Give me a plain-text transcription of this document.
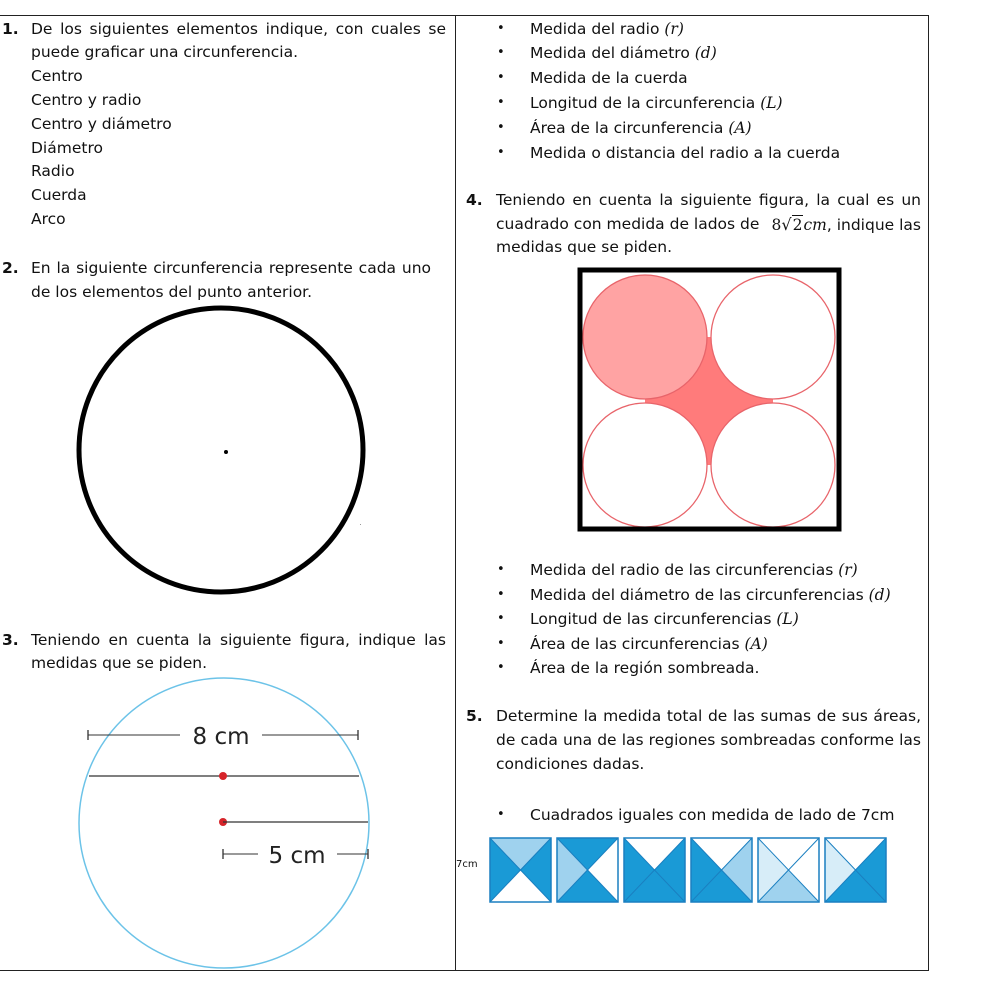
1. De los siguientes elementos indique, con cuales se
puede graficar una circunferencia.
Centro
Centro y radio
Centro y diámetro
Diámetro
Radio
Cuerda
Arco
2. En la siguiente circunferencia represente cada uno
de los elementos del punto anterior.
3. Teniendo en cuenta la siguiente figura, indique las
medidas que se piden.
8 cm
5 cm
• Medida del radio (r)
• Medida del diámetro (d)
• Medida de la cuerda
• Longitud de la circunferencia (L)
• Área de la circunferencia (A)
• Medida o distancia del radio a la cuerda
4. Teniendo en cuenta la siguiente figura, la cual es un
cuadrado con medida de lados de 8√2cm, indique las
medidas que se piden.
• Medida del radio de las circunferencias (r)
• Medida del diámetro de las circunferencias (d)
• Longitud de las circunferencias (L)
• Área de las circunferencias (A)
• Área de la región sombreada.
5. Determine la medida total de las sumas de sus áreas,
de cada una de las regiones sombreadas conforme las
condiciones dadas.
• Cuadrados iguales con medida de lado de 7cm
7cm
